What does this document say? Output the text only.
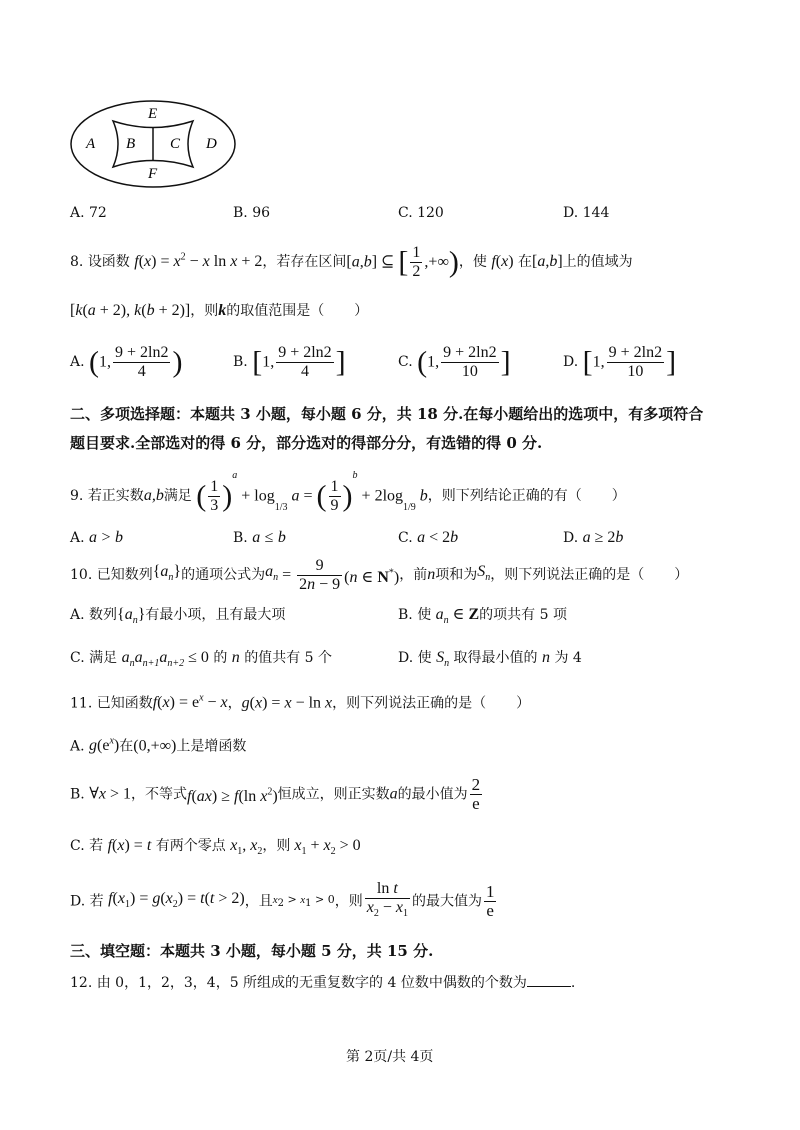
E
A B C D
F
A. 72	B. 96	C. 120	D. 144
8. 设函数 $f(x) = x^2 - x$ ln x + 2，若存在区间[a,b] ⊆ [ $\frac{1}{2}$ ,+∞)，使 f(x) 在[a,b]上的值域为
[k(a + 2), k(b + 2)]，则k的取值范围是（ ）
A. (1, $\frac{9 + 2\ln 2}{4}$ )	B. [1, $\frac{9 + 2\ln 2}{4}$ ]	C. (1, $\frac{9 + 2\ln 2}{10}$ ]	D. [1, $\frac{9 + 2\ln 2}{10}$ ]
二、多项选择题：本题共 3 小题，每小题 6 分，共 18 分.在每小题给出的选项中，有多项符合
题目要求.全部选对的得 6 分，部分选对的得部分分，有选错的得 0 分.
9. 若正实数a,b满足 ( $\frac{1}{3} )^a + \log_{1/3} a$ = ( $\frac{1}{9} )^b + 2\log_{1/9}$ b，则下列结论正确的有（ ）
A. a > b	B. a ≤ b	C. a < 2b	D. a ≥ 2b
10. 已知数列$\{a_n\}$的通项公式为$a_n = \frac{9}{2n - 9} (n$ ∈ N*)，前n项和为$S_n$，则下列说法正确的是（ ）
A. 数列$\{a_n\}$有最小项，且有最大项	B. 使 $a_n$ ∈ Z的项共有 5 项
C. 满足 $a_na_{n+1}a_{n+2} \le 0$ 的 n 的值共有 5 个	D. 使 $S_n$ 取得最小值的 n 为 4
11. 已知函数$f(x) = e^x - x$，g(x) = x − ln x，则下列说法正确的是（ ）
A. $g(e^x)$在(0,+∞)上是增函数
B. ∀x > 1，不等式f(ax) ≥ f(ln $x^2$)恒成立，则正实数a的最小值为 $\frac{2}{e}$
C. 若 f(x) = t 有两个零点 $x_1$, $x_2$，则 $x_1 + x_2 > 0$
D. 若 $f(x_1) = g(x_2) = t(t > 2)$，且$x_2 > x_1 > 0$，则 $\frac{\text{ln t}}{x_2 - x_1}$ 的最大值为 $\frac{1}{e}$
三、填空题：本题共 3 小题，每小题 5 分，共 15 分.
12. 由 0，1，2，3，4，5 所组成的无重复数字的 4 位数中偶数的个数为	.
第 2页/共 4页
